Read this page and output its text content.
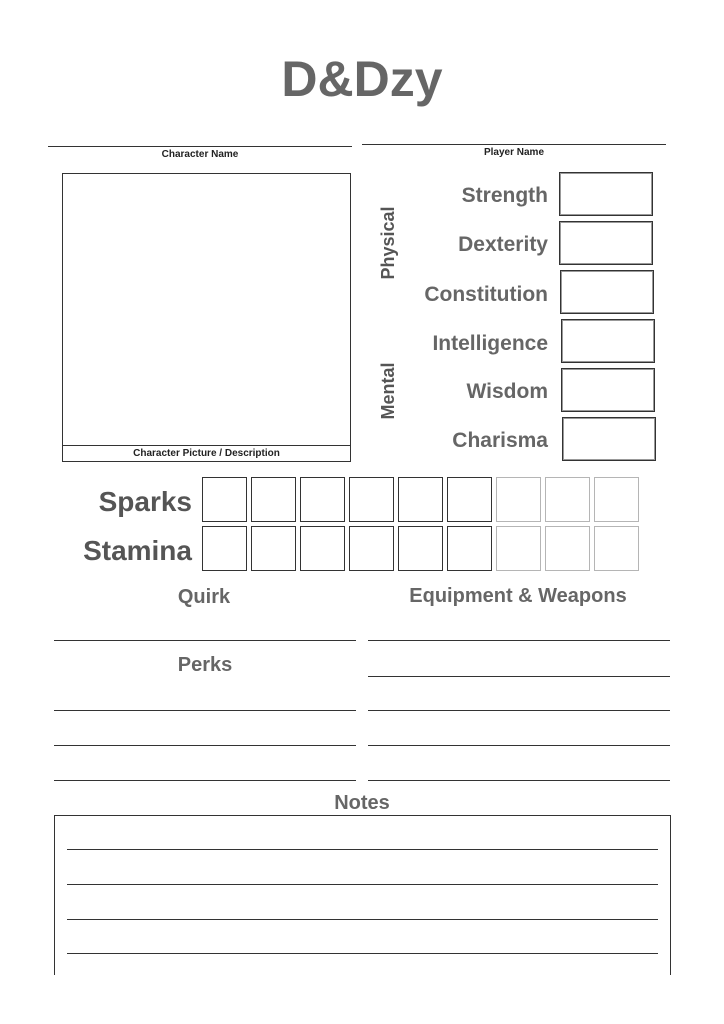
D&Dzy
Character Name	Player Name
Character Picture / Description
Physical
Mental
Strength
Dexterity
Constitution
Intelligence
Wisdom
Charisma
Sparks
Stamina
Quirk	Equipment & Weapons
Perks
Notes
